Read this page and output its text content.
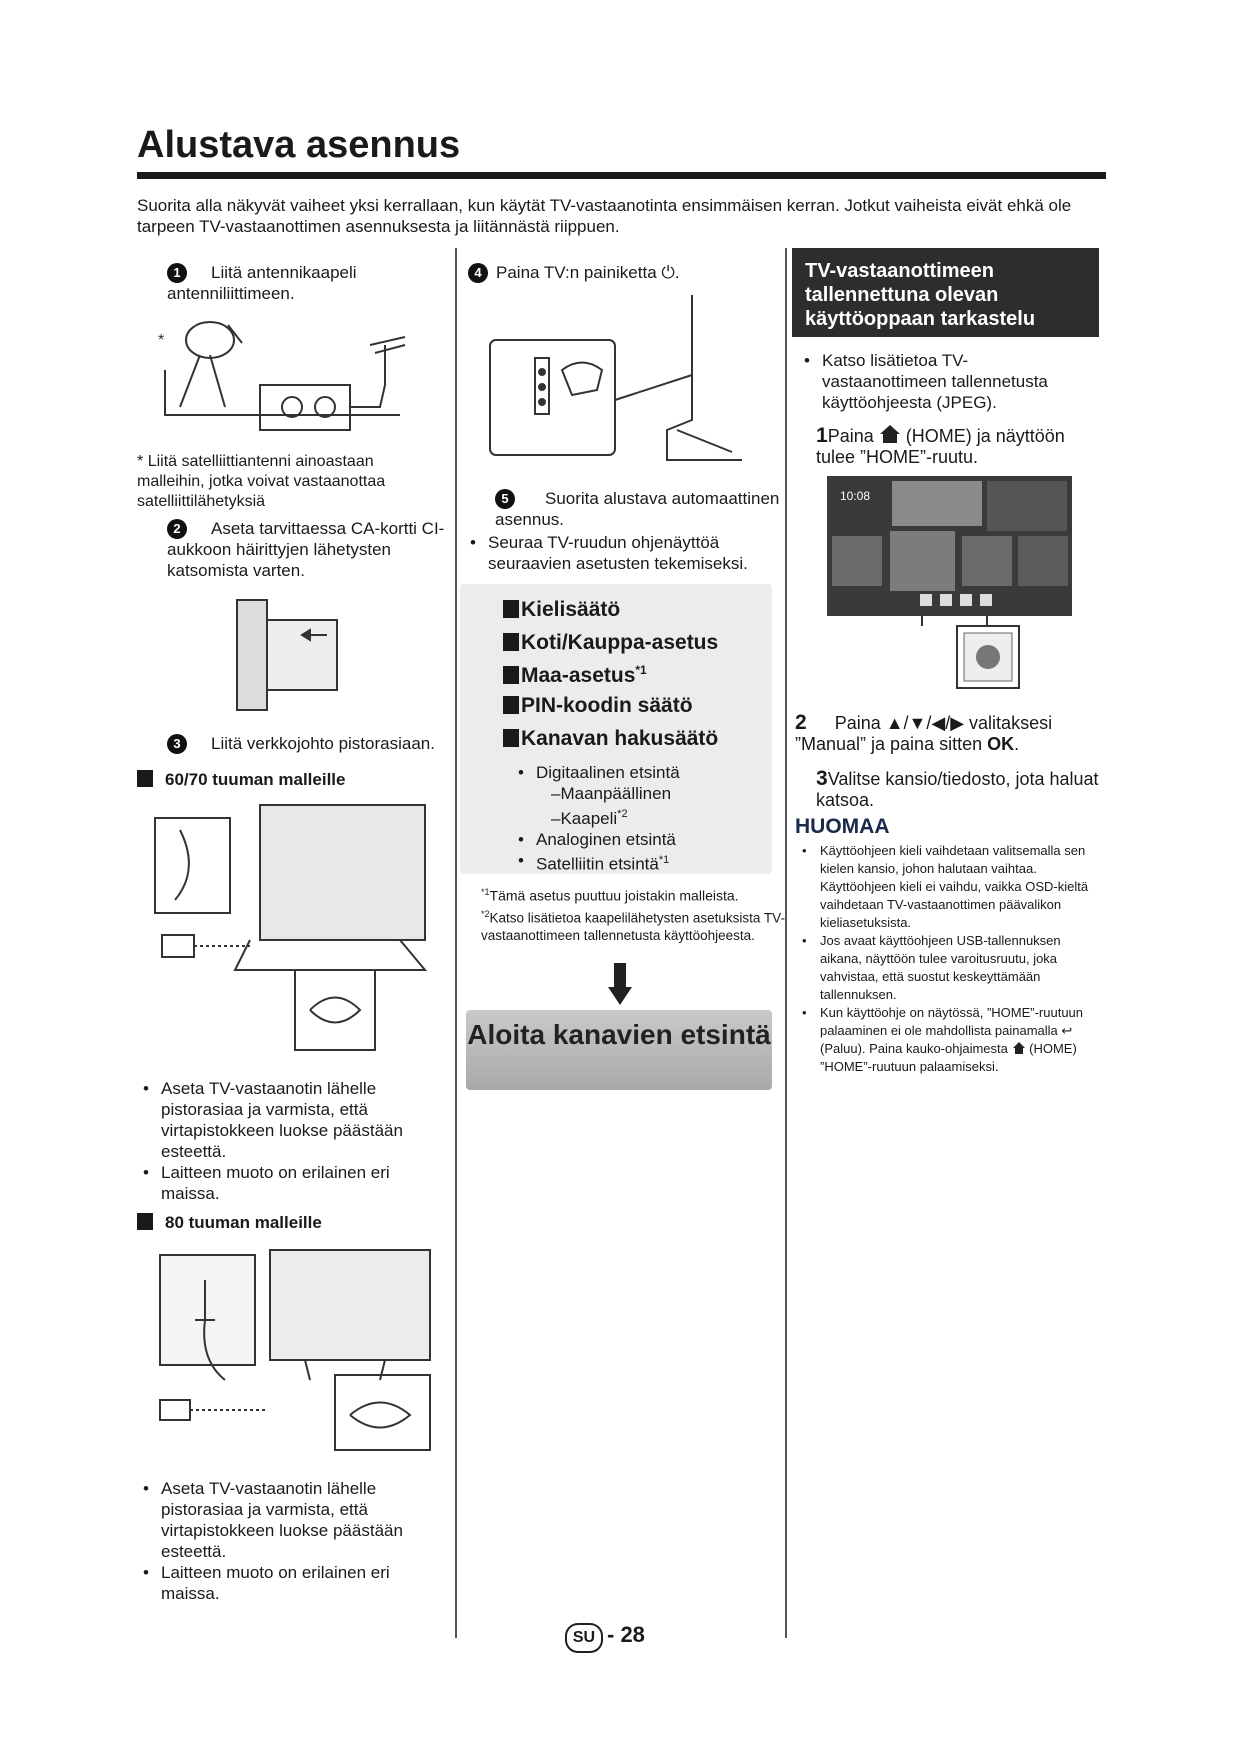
Alustava asennus

Suorita alla näkyvät vaiheet yksi kerrallaan, kun käytät TV-vastaanotinta ensimmäisen kerran. Jotkut vaiheista eivät ehkä ole tarpeen TV-vastaanottimen asennuksesta ja liitännästä riippuen.

1 Liitä antennikaapeli antenniliittimeen.
*
* Liitä satelliittiantenni ainoastaan malleihin, jotka voivat vastaanottaa satelliittilähetyksiä
2 Aseta tarvittaessa CA-kortti CI-aukkoon häirittyjen lähetysten katsomista varten.
3 Liitä verkkojohto pistorasiaan.
60/70 tuuman malleille
• Aseta TV-vastaanotin lähelle pistorasiaa ja varmista, että virtapistokkeen luokse päästään esteettä.
• Laitteen muoto on erilainen eri maissa.
80 tuuman malleille
• Aseta TV-vastaanotin lähelle pistorasiaa ja varmista, että virtapistokkeen luokse päästään esteettä.
• Laitteen muoto on erilainen eri maissa.
4 Paina TV:n painiketta ⏻.
5 Suorita alustava automaattinen asennus.
• Seuraa TV-ruudun ohjenäyttöä seuraavien asetusten tekemiseksi.
Kielisäätö
Koti/Kauppa-asetus
Maa-asetus$^{*1}$
PIN-koodin säätö
Kanavan hakusäätö
• Digitaalinen etsintä
–Maanpäällinen
–Kaapeli$^{*2}$
• Analoginen etsintä
• Satelliitin etsintä$^{*1}$
$^{*1}$Tämä asetus puuttuu joistakin malleista.
$^{*2}$Katso lisätietoa kaapelilähetysten asetuksista TV-vastaanottimeen tallennetusta käyttöohjeesta.
Aloita kanavien etsintä
TV-vastaanottimeen tallennettuna olevan käyttöoppaan tarkastelu
• Katso lisätietoa TV-vastaanottimeen tallennetusta käyttöohjeesta (JPEG).
1Paina (HOME) ja näyttöön tulee ”HOME”-ruutu.
10:08
2 Paina ▲/▼/◀/▶ valitaksesi ”Manual” ja paina sitten OK.
3Valitse kansio/tiedosto, jota haluat katsoa.
HUOMAA
• Käyttöohjeen kieli vaihdetaan valitsemalla sen kielen kansio, johon halutaan vaihtaa. Käyttöohjeen kieli ei vaihdu, vaikka OSD-kieltä vaihdetaan TV-vastaanottimen päävalikon kieliasetuksista.
• Jos avaat käyttöohjeen USB-tallennuksen aikana, näyttöön tulee varoitusruutu, joka vahvistaa, että suostut keskeyttämään tallennuksen.
• Kun käyttöohje on näytössä, ”HOME”-ruutuun palaaminen ei ole mahdollista painamalla ↩ (Paluu). Paina kauko-ohjaimesta (HOME) ”HOME”-ruutuun palaamiseksi.
SU - 28
